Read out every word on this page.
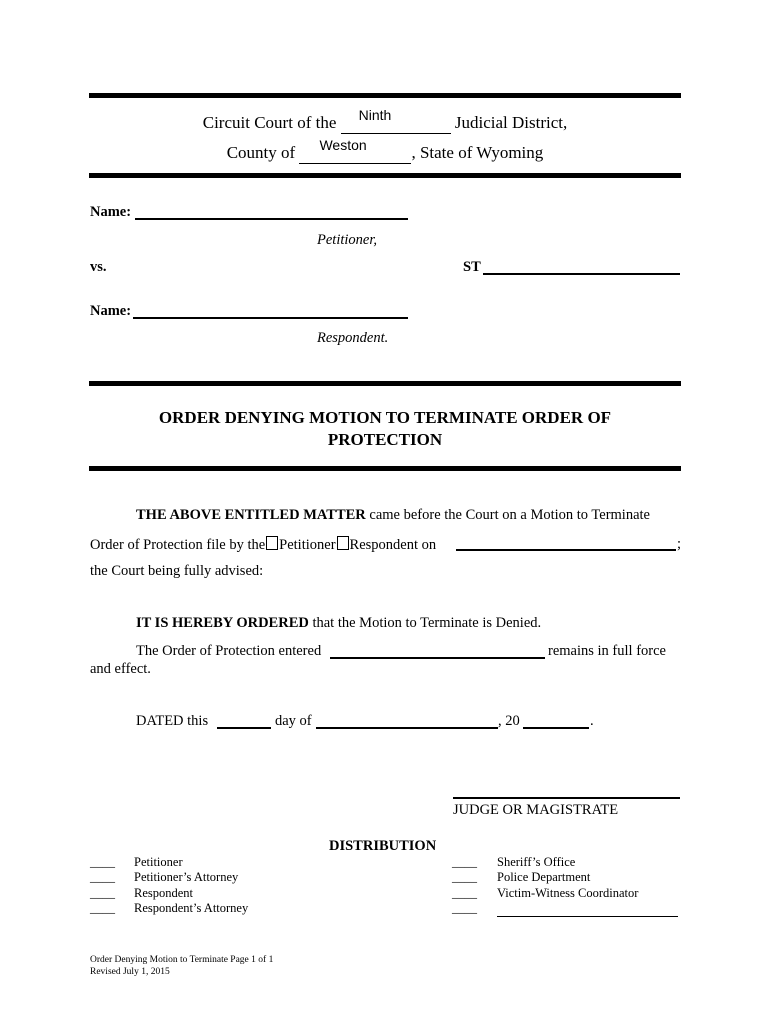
Circuit Court of the Ninth	Judicial District,
County of Weston	, State of Wyoming
Name:
Petitioner,
vs.	ST
Name:
Respondent.
ORDER DENYING MOTION TO TERMINATE ORDER OF
PROTECTION
THE ABOVE ENTITLED MATTER came before the Court on a Motion to Terminate
Order of Protection file by the Petitioner Respondent on	;
the Court being fully advised:
IT IS HEREBY ORDERED that the Motion to Terminate is Denied.
The Order of Protection entered	remains in full force
and effect.
DATED this	day of	, 20	.
JUDGE OR MAGISTRATE
DISTRIBUTION
____ Petitioner
____ Petitioner’s Attorney
____ Respondent
____ Respondent’s Attorney
____ Sheriff’s Office
____ Police Department
____ Victim-Witness Coordinator
____
Order Denying Motion to Terminate Page 1 of 1
Revised July 1, 2015
